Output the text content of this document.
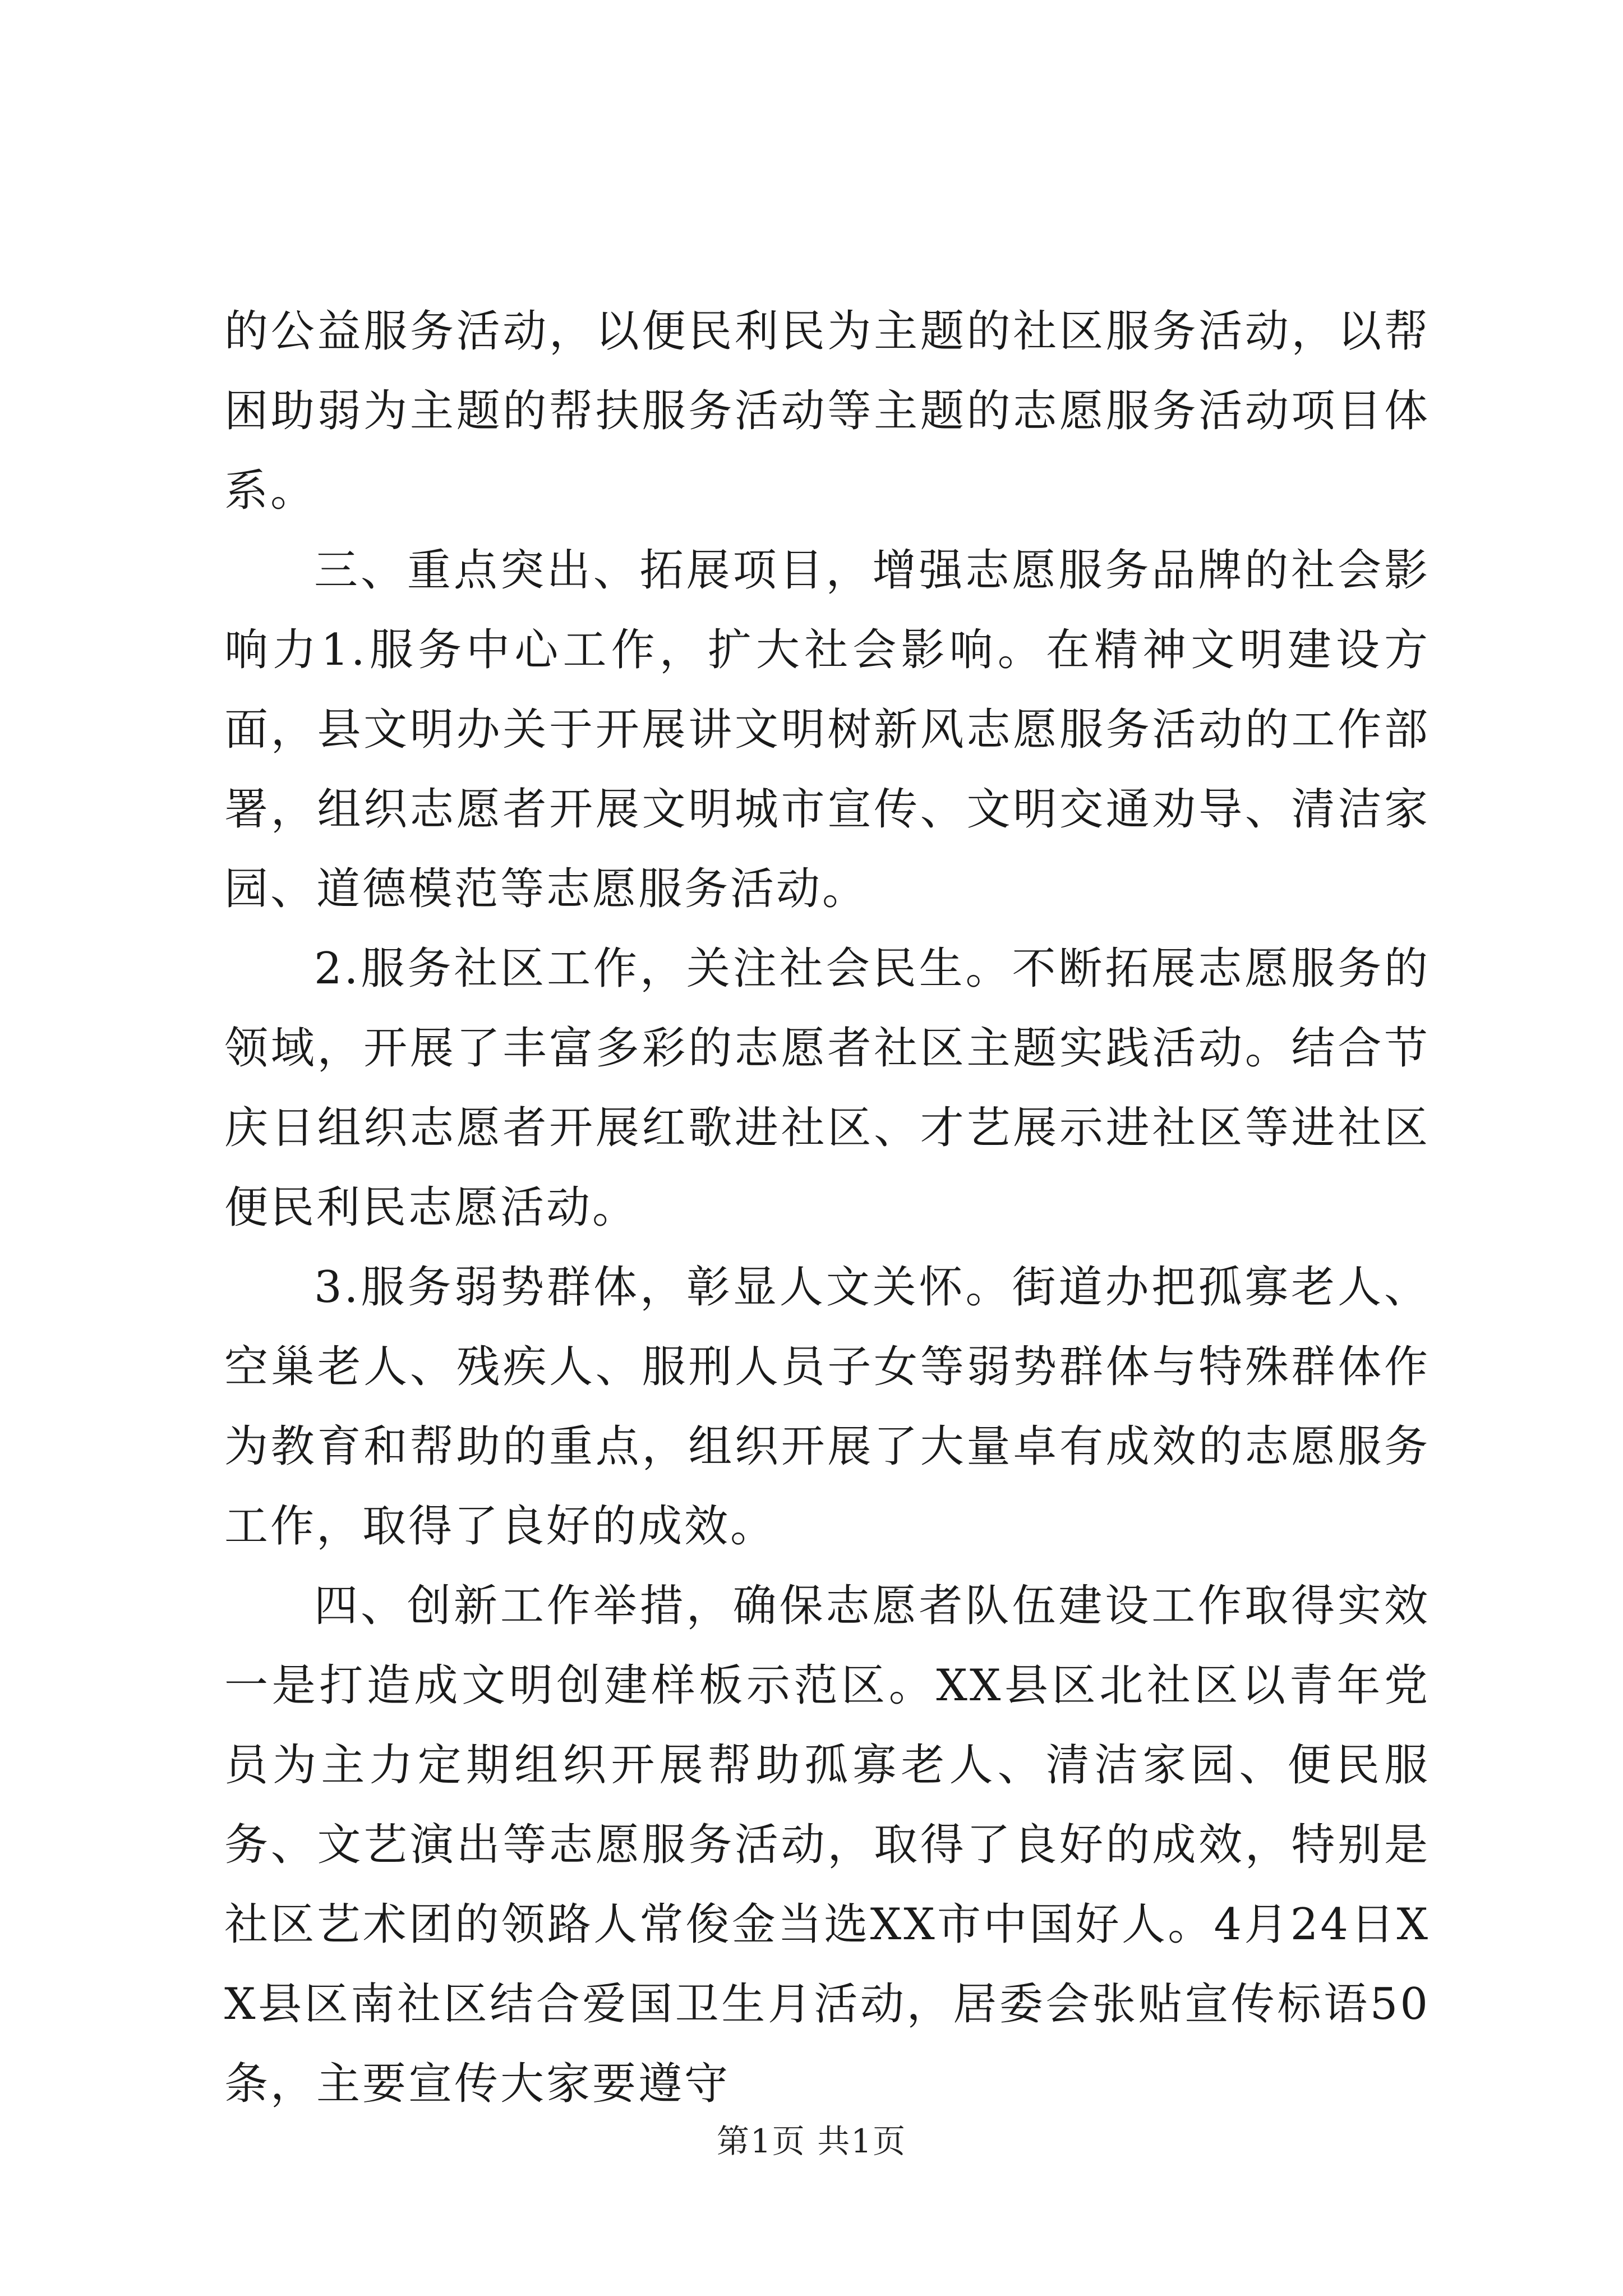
的公益服务活动，以便民利民为主题的社区服务活动，以帮困助弱为主题的帮扶服务活动等主题的志愿服务活动项目体系。

三、重点突出、拓展项目，增强志愿服务品牌的社会影响力1.服务中心工作，扩大社会影响。在精神文明建设方面，县文明办关于开展讲文明树新风志愿服务活动的工作部署，组织志愿者开展文明城市宣传、文明交通劝导、清洁家园、道德模范等志愿服务活动。

2.服务社区工作，关注社会民生。不断拓展志愿服务的领域，开展了丰富多彩的志愿者社区主题实践活动。结合节庆日组织志愿者开展红歌进社区、才艺展示进社区等进社区便民利民志愿活动。

3.服务弱势群体，彰显人文关怀。街道办把孤寡老人、空巢老人、残疾人、服刑人员子女等弱势群体与特殊群体作为教育和帮助的重点，组织开展了大量卓有成效的志愿服务工作，取得了良好的成效。

四、创新工作举措，确保志愿者队伍建设工作取得实效一是打造成文明创建样板示范区。XX县区北社区以青年党员为主力定期组织开展帮助孤寡老人、清洁家园、便民服务、文艺演出等志愿服务活动，取得了良好的成效，特别是社区艺术团的领路人常俊金当选XX市中国好人。4月24日XX县区南社区结合爱国卫生月活动，居委会张贴宣传标语50条，主要宣传大家要遵守

第1页 共1页
